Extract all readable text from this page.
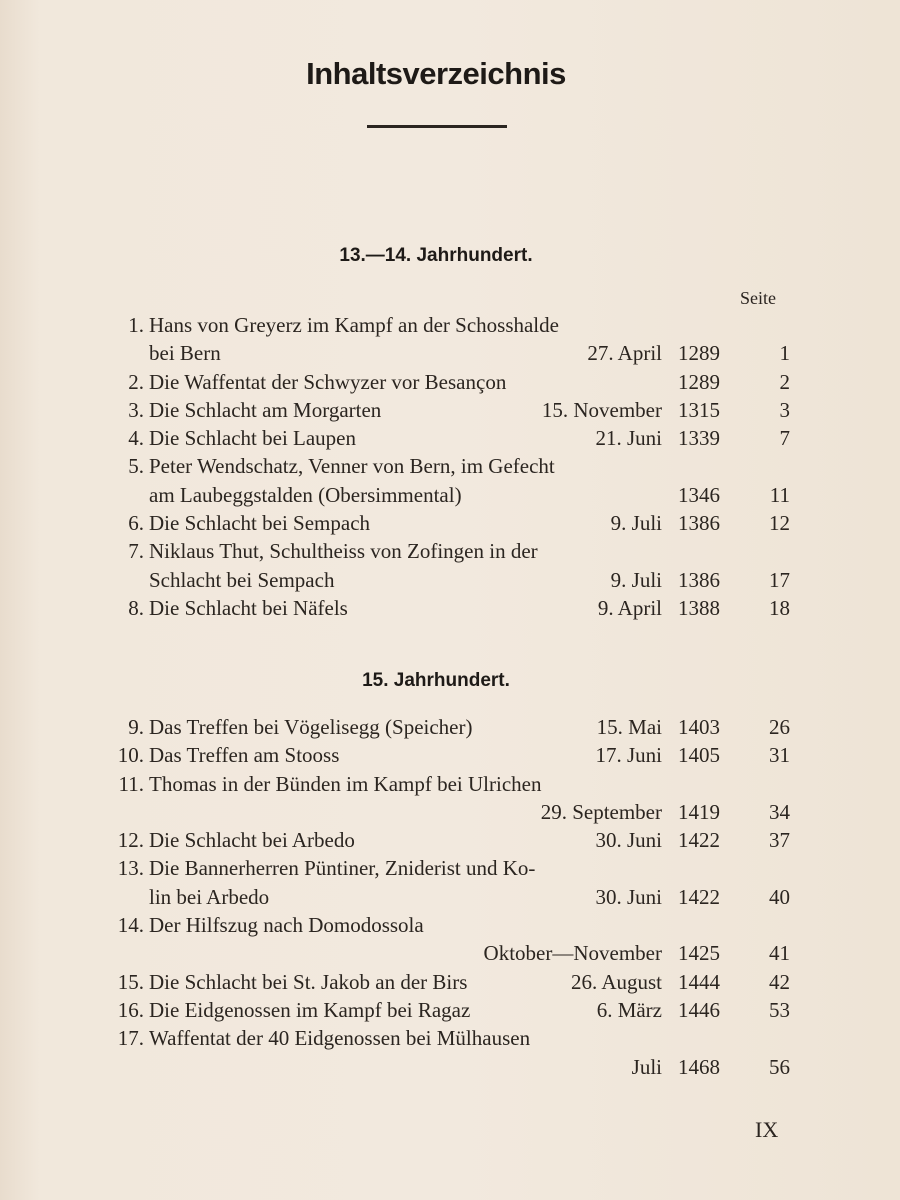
Inhaltsverzeichnis
13.—14. Jahrhundert.
Seite
1. Hans von Greyerz im Kampf an der Schosshalde
bei Bern	27. April 1289	1
2. Die Waffentat der Schwyzer vor Besançon	1289	2
3. Die Schlacht am Morgarten	15. November 1315	3
4. Die Schlacht bei Laupen	21. Juni 1339	7
5. Peter Wendschatz, Venner von Bern, im Gefecht
am Laubeggstalden (Obersimmental)	1346	11
6. Die Schlacht bei Sempach	9. Juli 1386	12
7. Niklaus Thut, Schultheiss von Zofingen in der
Schlacht bei Sempach	9. Juli 1386	17
8. Die Schlacht bei Näfels	9. April 1388	18
15. Jahrhundert.
9. Das Treffen bei Vögelisegg (Speicher)	15. Mai 1403	26
10. Das Treffen am Stooss	17. Juni 1405	31
11. Thomas in der Bünden im Kampf bei Ulrichen
29. September 1419	34
12. Die Schlacht bei Arbedo	30. Juni 1422	37
13. Die Bannerherren Püntiner, Zniderist und Ko-
lin bei Arbedo	30. Juni 1422	40
14. Der Hilfszug nach Domodossola
Oktober—November 1425	41
15. Die Schlacht bei St. Jakob an der Birs	26. August 1444	42
16. Die Eidgenossen im Kampf bei Ragaz	6. März 1446	53
17. Waffentat der 40 Eidgenossen bei Mülhausen
Juli 1468	56
IX
